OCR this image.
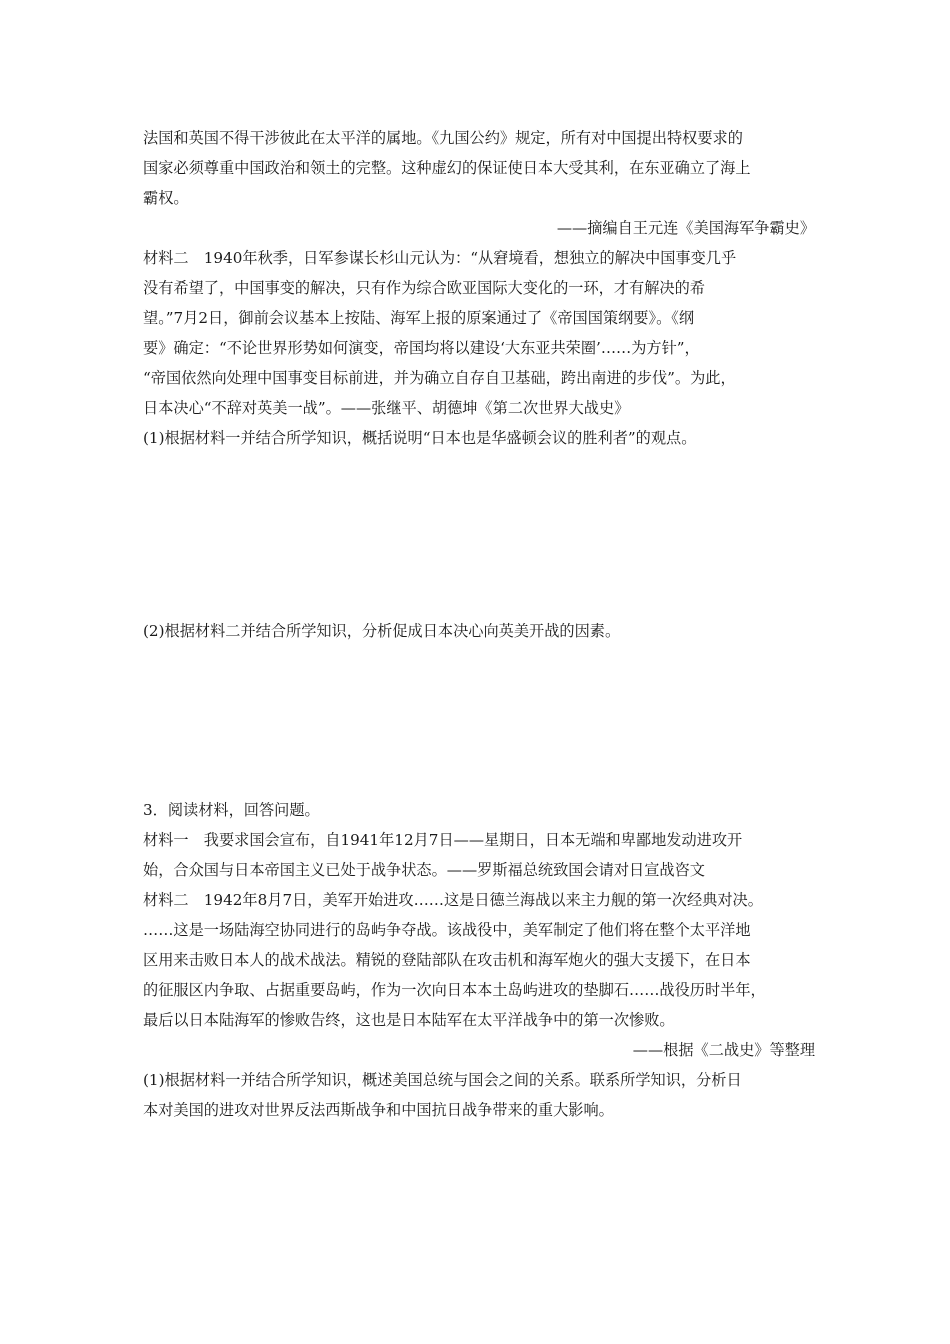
法国和英国不得干涉彼此在太平洋的属地。《九国公约》规定，所有对中国提出特权要求的
国家必须尊重中国政治和领土的完整。这种虚幻的保证使日本大受其利，在东亚确立了海上
霸权。
——摘编自王元连《美国海军争霸史》
材料二　1940年秋季，日军参谋长杉山元认为：“从窘境看，想独立的解决中国事变几乎
没有希望了，中国事变的解决，只有作为综合欧亚国际大变化的一环，才有解决的希
望。”7月2日，御前会议基本上按陆、海军上报的原案通过了《帝国国策纲要》。《纲
要》确定：“不论世界形势如何演变，帝国均将以建设‘大东亚共荣圈’……为方针”，
“帝国依然向处理中国事变目标前进，并为确立自存自卫基础，跨出南进的步伐”。为此，
日本决心“不辞对英美一战”。——张继平、胡德坤《第二次世界大战史》
(1)根据材料一并结合所学知识，概括说明“日本也是华盛顿会议的胜利者”的观点。
(2)根据材料二并结合所学知识，分析促成日本决心向英美开战的因素。
3．阅读材料，回答问题。
材料一　我要求国会宣布，自1941年12月7日——星期日，日本无端和卑鄙地发动进攻开
始，合众国与日本帝国主义已处于战争状态。——罗斯福总统致国会请对日宣战咨文
材料二　1942年8月7日，美军开始进攻……这是日德兰海战以来主力舰的第一次经典对决。
……这是一场陆海空协同进行的岛屿争夺战。该战役中，美军制定了他们将在整个太平洋地
区用来击败日本人的战术战法。精锐的登陆部队在攻击机和海军炮火的强大支援下，在日本
的征服区内争取、占据重要岛屿，作为一次向日本本土岛屿进攻的垫脚石……战役历时半年，
最后以日本陆海军的惨败告终，这也是日本陆军在太平洋战争中的第一次惨败。
——根据《二战史》等整理
(1)根据材料一并结合所学知识，概述美国总统与国会之间的关系。联系所学知识，分析日
本对美国的进攻对世界反法西斯战争和中国抗日战争带来的重大影响。
